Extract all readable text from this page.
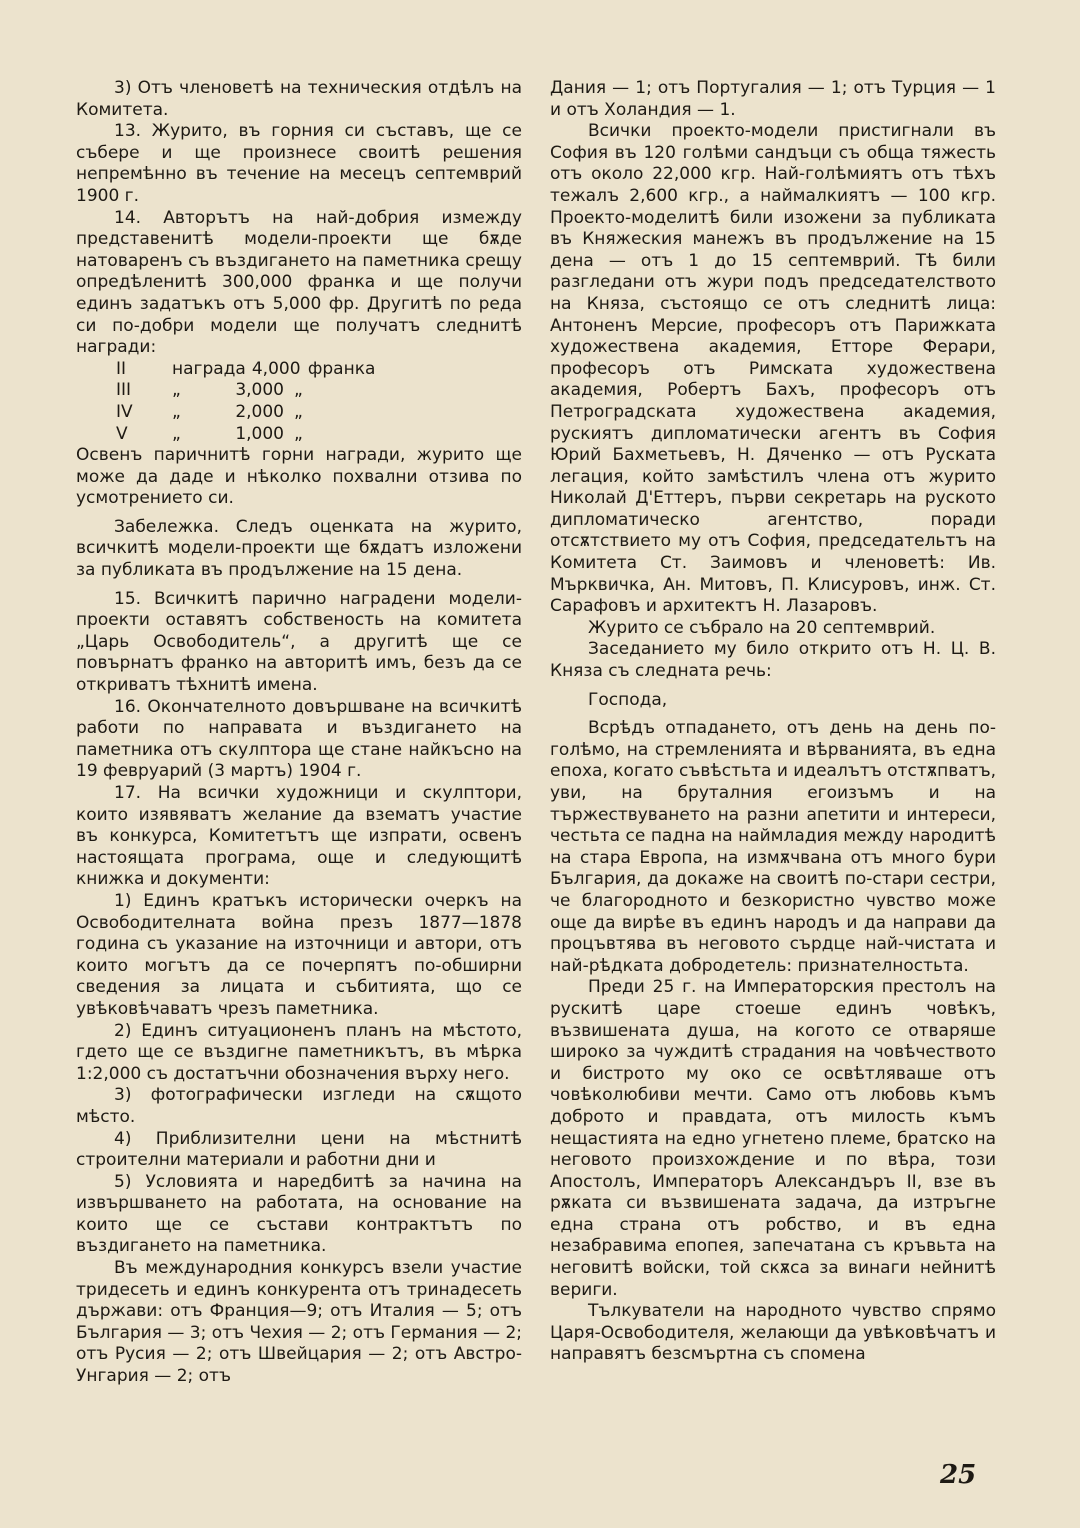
3) Отъ членоветѣ на техническия отдѣлъ на Комитета.

13. Журито, въ горния си съставъ, ще се събере и ще произнесе своитѣ решения непремѣнно въ течение на месецъ септемврий 1900 г.

14. Авторътъ на най-добрия измежду представенитѣ модели-проекти ще бѫде натоваренъ съ въздигането на паметника срещу опредѣленитѣ 300,000 франка и ще получи единъ задатъкъ отъ 5,000 фр. Другитѣ по реда си по-добри модели ще получатъ следнитѣ награди:

II	награда 4,000 франка
III	„	3,000 „
IV	„	2,000 „
V	„	1,000 „

Освенъ паричнитѣ горни награди, журито ще може да даде и нѣколко похвални отзива по усмотрението си.

Забележка. Следъ оценката на журито, всичкитѣ модели-проекти ще бѫдатъ изложени за публиката въ продължение на 15 дена.

15. Всичкитѣ парично наградени модели-проекти оставятъ собственость на комитета „Царь Освободитель“, а другитѣ ще се повърнатъ франко на авторитѣ имъ, безъ да се откриватъ тѣхнитѣ имена.

16. Окончателното довършване на всичкитѣ работи по направата и въздигането на паметника отъ скулптора ще стане найкъсно на 19 февруарий (3 мартъ) 1904 г.

17. На всички художници и скулптори, които изявяватъ желание да взематъ участие въ конкурса, Комитетътъ ще изпрати, освенъ настоящата програма, още и следующитѣ книжка и документи:

1) Единъ кратъкъ исторически очеркъ на Освободителната война презъ 1877—1878 година съ указание на източници и автори, отъ които могътъ да се почерпятъ по-обширни сведения за лицата и събитията, що се увѣковѣчаватъ чрезъ паметника.

2) Единъ ситуационенъ планъ на мѣстото, гдето ще се въздигне паметникътъ, въ мѣрка 1:2,000 съ достатъчни обозначения върху него.

3) фотографически изгледи на сѫщото мѣсто.

4) Приблизителни цени на мѣстнитѣ строителни материали и работни дни и

5) Условията и наредбитѣ за начина на извършването на работата, на основание на които ще се състави контрактътъ по въздигането на паметника.

Въ международния конкурсъ взели участие тридесеть и единъ конкурента отъ тринадесеть държави: отъ Франция—9; отъ Италия — 5; отъ България — 3; отъ Чехия — 2; отъ Германия — 2; отъ Русия — 2; отъ Швейцария — 2; отъ Австро-Унгария — 2; отъ

Дания — 1; отъ Португалия — 1; отъ Турция — 1 и отъ Холандия — 1.

Всички проекто-модели пристигнали въ София въ 120 голѣми сандъци съ обща тяжесть отъ около 22,000 кгр. Най-голѣмиятъ отъ тѣхъ тежалъ 2,600 кгр., а наймалкиятъ — 100 кгр. Проекто-моделитѣ били изожени за публиката въ Княжеския манежъ въ продължение на 15 дена — отъ 1 до 15 септемврий. Тѣ били разгледани отъ жури подъ председателството на Княза, състоящо се отъ следнитѣ лица: Антоненъ Мерсие, професоръ отъ Парижката художествена академия, Етторе Ферари, професоръ отъ Римската художествена академия, Робертъ Бахъ, професоръ отъ Петроградската художествена академия, рускиятъ дипломатически агентъ въ София Юрий Бахметьевъ, Н. Дяченко — отъ Руската легация, който замѣстилъ члена отъ журито Николай Д'Еттеръ, първи секретарь на руското дипломатическо агентство, поради отсѫтствието му отъ София, председательтъ на Комитета Ст. Заимовъ и членоветѣ: Ив. Мърквичка, Ан. Митовъ, П. Клисуровъ, инж. Ст. Сарафовъ и архитектъ Н. Лазаровъ.

Журито се събрало на 20 септемврий.

Заседанието му било открито отъ Н. Ц. В. Княза съ следната речь:

Господа,

Всрѣдъ отпадането, отъ день на день по-голѣмо, на стремленията и вѣрванията, въ една епоха, когато съвѣстьта и идеалътъ отстѫпватъ, уви, на бруталния егоизъмъ и на тържествуването на разни апетити и интереси, честьта се падна на наймладия между народитѣ на стара Европа, на измѫчвана отъ много бури България, да докаже на своитѣ по-стари сестри, че благородното и безкористно чувство може още да вирѣе въ единъ народъ и да направи да процъвтява въ неговото сърдце най-чистата и най-рѣдката добродетель: признателностьта.

Преди 25 г. на Императорския престолъ на рускитѣ царе стоеше единъ човѣкъ, възвишената душа, на когото се отваряше широко за чуждитѣ страдания на човѣчеството и бистрото му око се освѣтляваше отъ човѣколюбиви мечти. Само отъ любовь къмъ доброто и правдата, отъ милость къмъ нещастията на едно угнетено племе, братско на неговото произхождение и по вѣра, този Апостолъ, Императоръ Александъръ II, взе въ рѫката си възвишената задача, да изтръгне една страна отъ робство, и въ една незабравима епопея, запечатана съ кръвьта на неговитѣ войски, той скѫса за винаги нейнитѣ вериги.

Тълкуватели на народното чувство спрямо Царя-Освободителя, желающи да увѣковѣчатъ и направятъ безсмъртна съ спомена

25
